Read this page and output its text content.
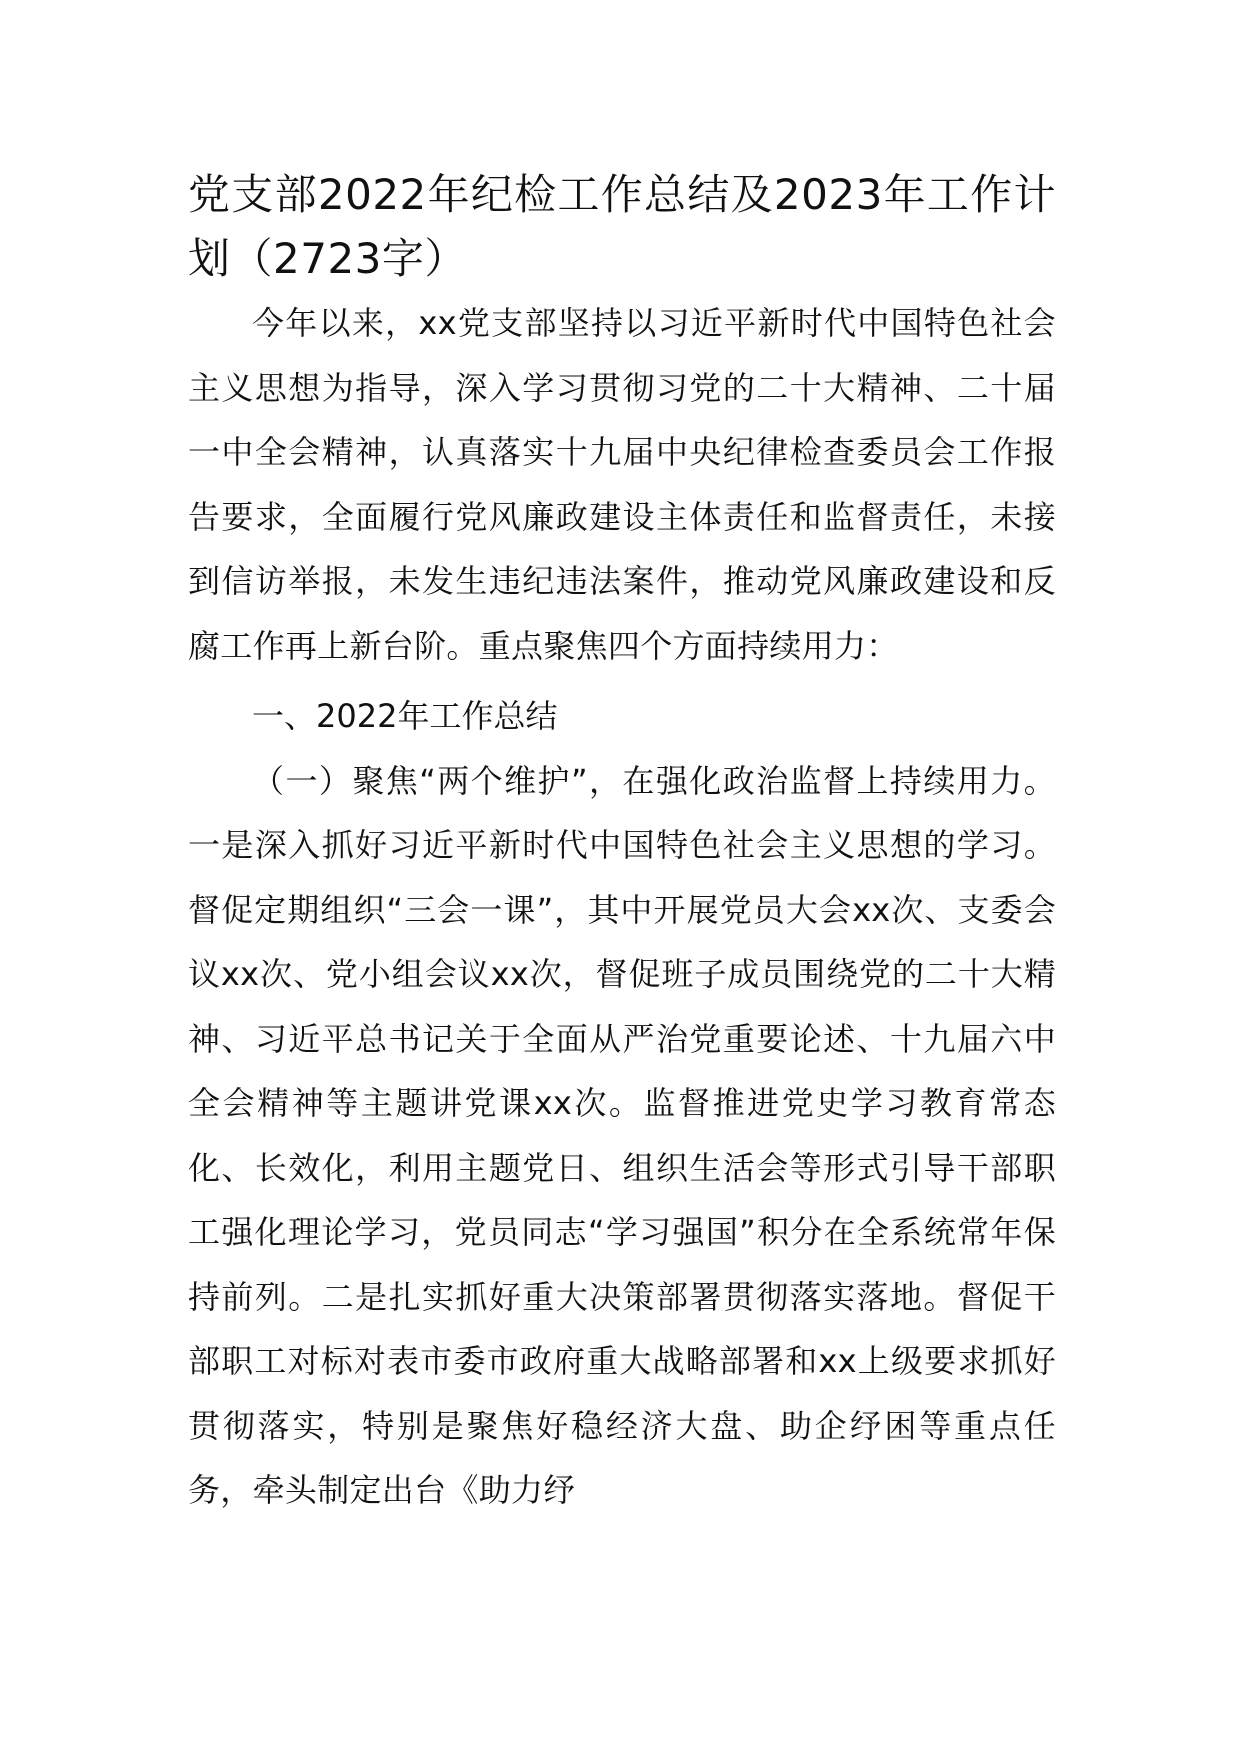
党支部2022年纪检工作总结及2023年工作计划（2723字）

今年以来，xx党支部坚持以习近平新时代中国特色社会主义思想为指导，深入学习贯彻习党的二十大精神、二十届一中全会精神，认真落实十九届中央纪律检查委员会工作报告要求，全面履行党风廉政建设主体责任和监督责任，未接到信访举报，未发生违纪违法案件，推动党风廉政建设和反腐工作再上新台阶。重点聚焦四个方面持续用力：

一、2022年工作总结

（一）聚焦“两个维护”，在强化政治监督上持续用力。一是深入抓好习近平新时代中国特色社会主义思想的学习。督促定期组织“三会一课”，其中开展党员大会xx次、支委会议xx次、党小组会议xx次，督促班子成员围绕党的二十大精神、习近平总书记关于全面从严治党重要论述、十九届六中全会精神等主题讲党课xx次。监督推进党史学习教育常态化、长效化，利用主题党日、组织生活会等形式引导干部职工强化理论学习，党员同志“学习强国”积分在全系统常年保持前列。二是扎实抓好重大决策部署贯彻落实落地。督促干部职工对标对表市委市政府重大战略部署和xx上级要求抓好贯彻落实，特别是聚焦好稳经济大盘、助企纾困等重点任务，牵头制定出台《助力纾
